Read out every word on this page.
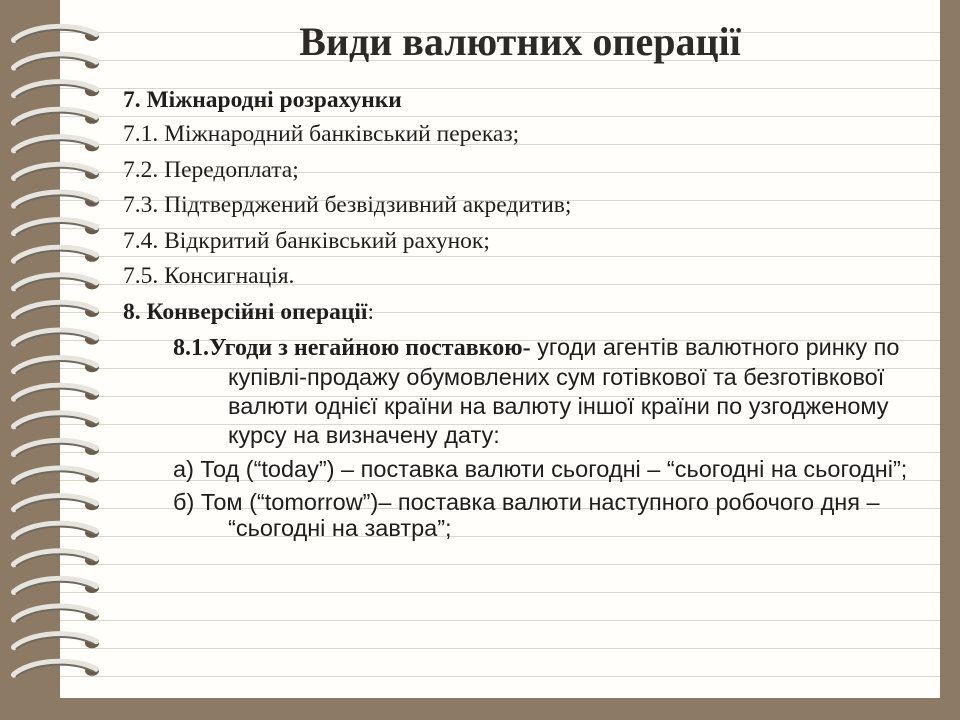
Види валютних операції
7. Міжнародні розрахунки
7.1. Міжнародний банківський переказ;
7.2. Передоплата;
7.3. Підтверджений безвідзивний акредитив;
7.4. Відкритий банківський рахунок;
7.5. Консигнація.
8. Конверсійні операції:
8.1.Угоди з негайною поставкою- угоди агентів валютного ринку по купівлі-продажу обумовлених сум готівкової та безготівкової валюти однієї країни на валюту іншої країни по узгодженому курсу на визначену дату:
а) Тод (“today”) – поставка валюти сьогодні – “сьогодні на сьогодні”;
б) Том (“tomorrow”)– поставка валюти наступного робочого дня – “сьогодні на завтра”;
